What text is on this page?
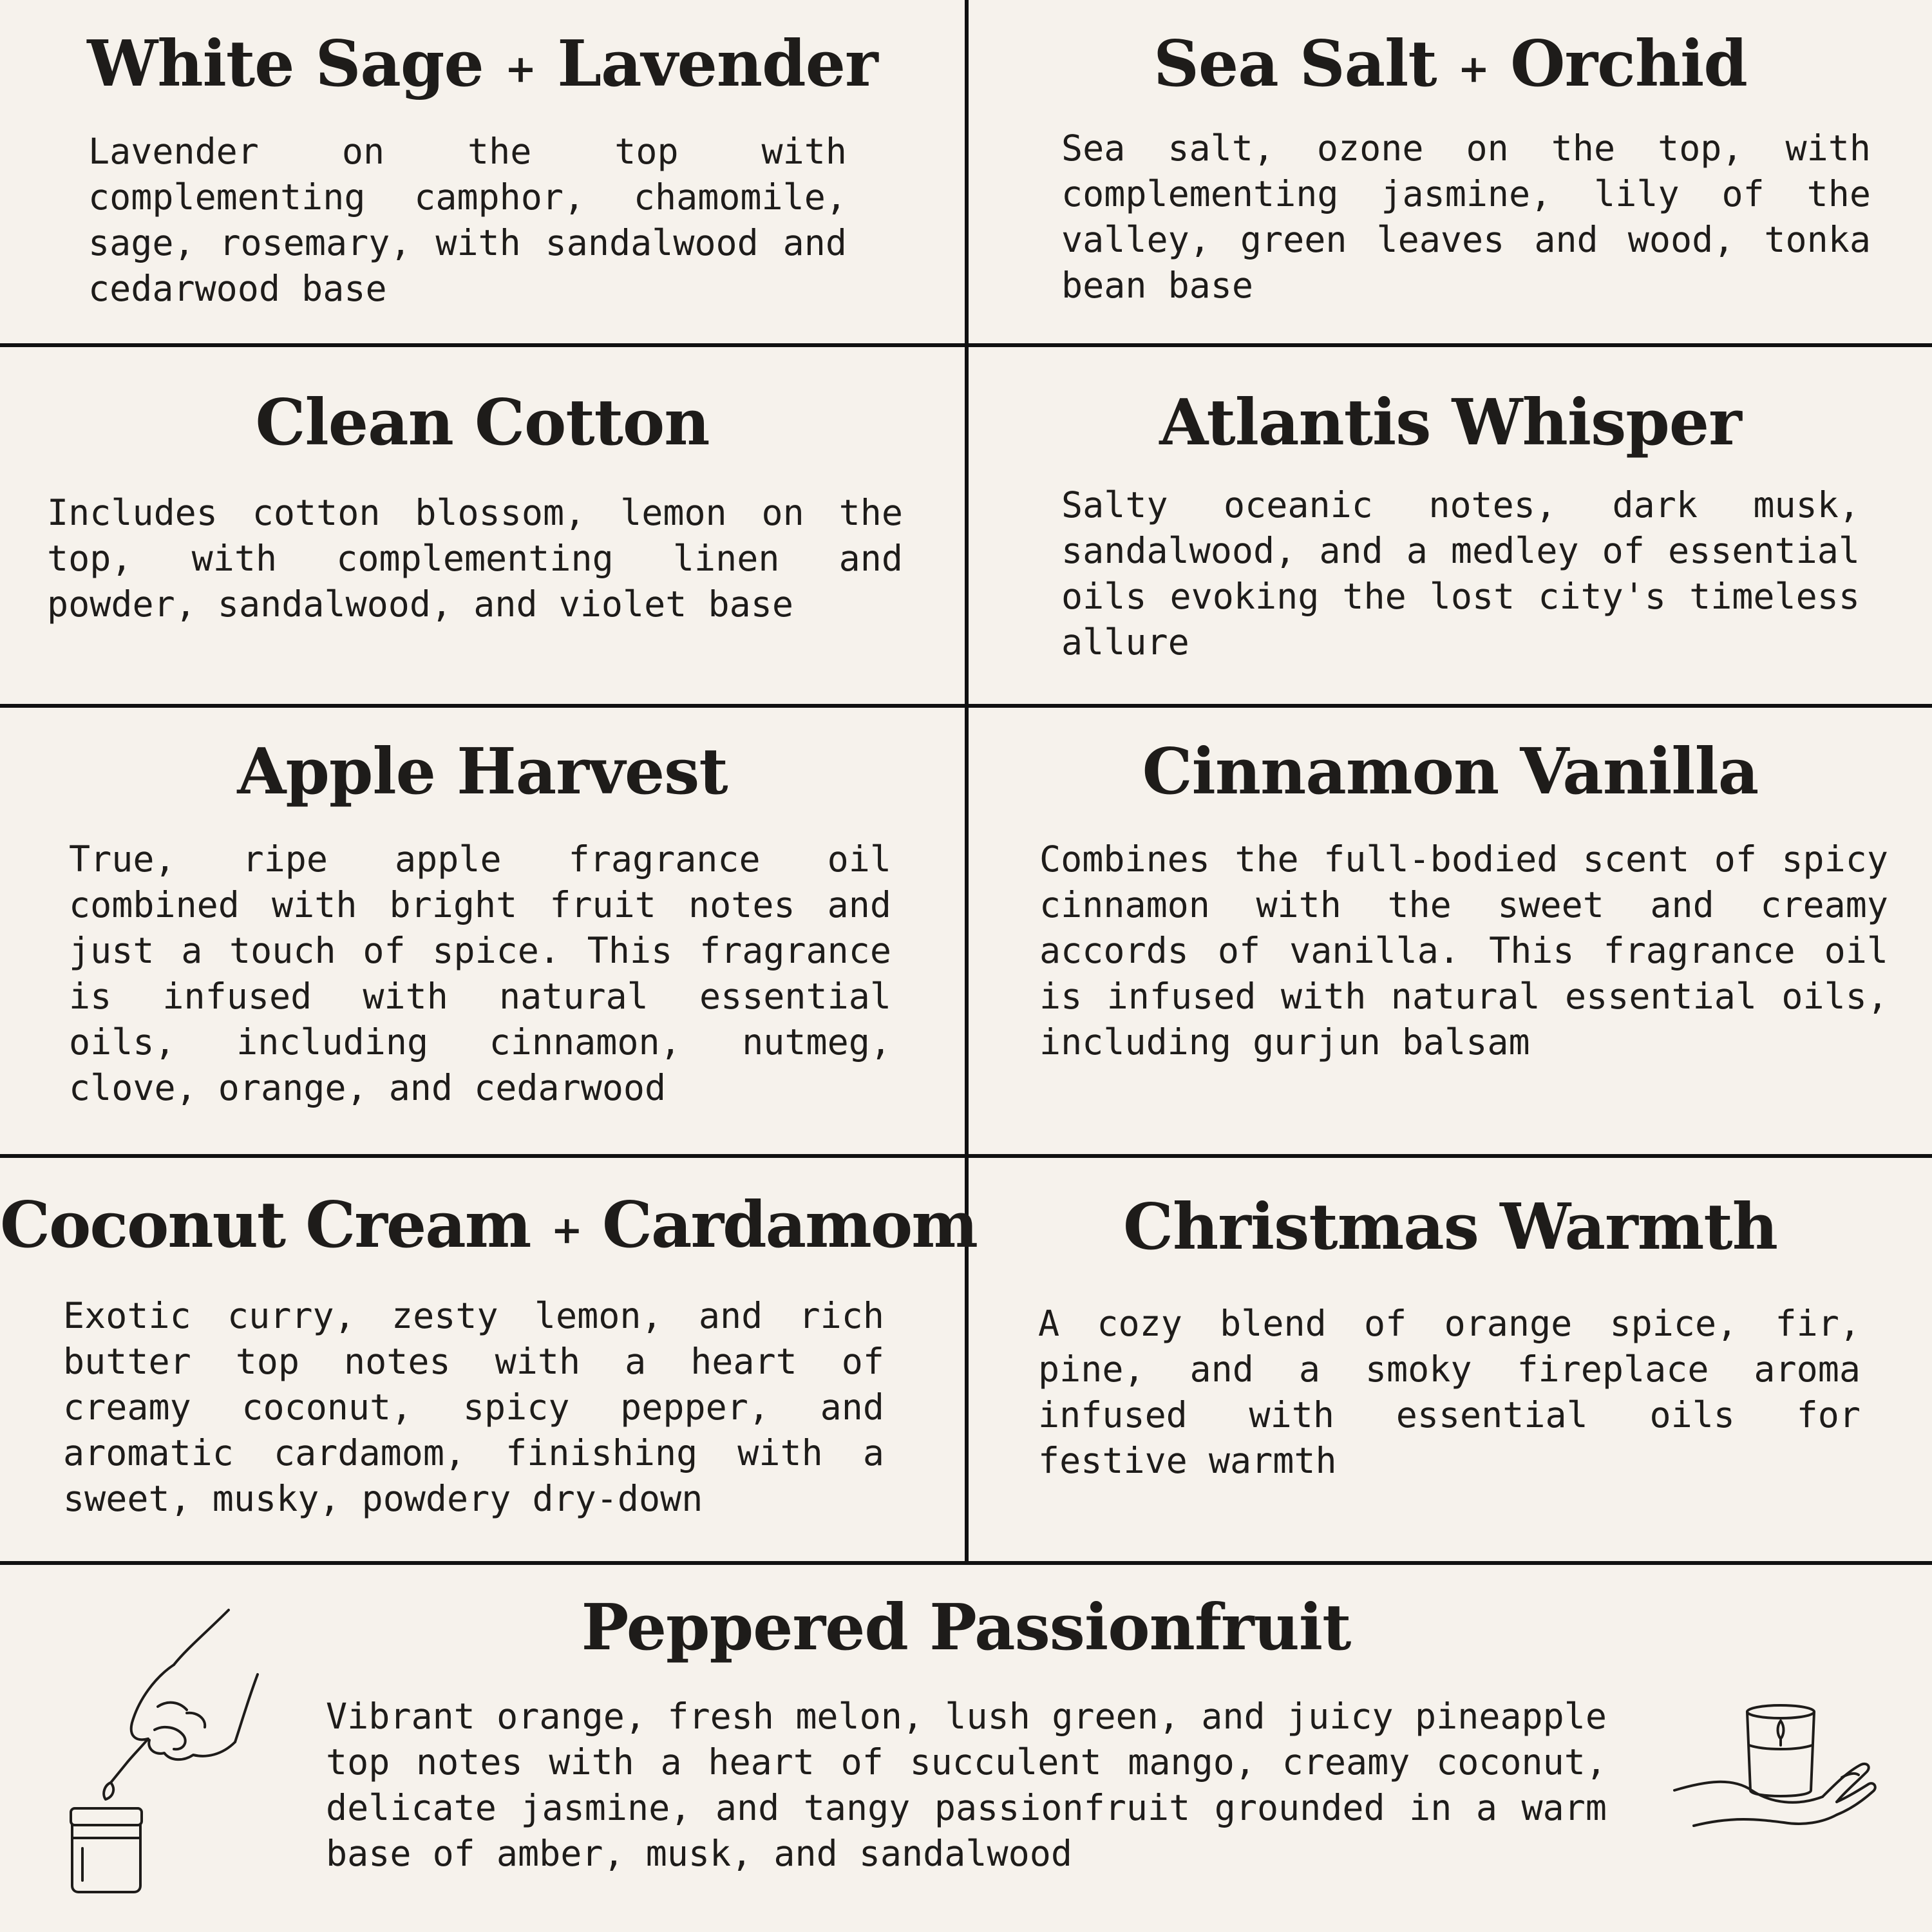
White Sage + Lavender

Lavender on the top with complementing camphor, chamomile, sage, rosemary, with sandalwood and cedarwood base

Sea Salt + Orchid

Sea salt, ozone on the top, with complementing jasmine, lily of the valley, green leaves and wood, tonka bean base

Clean Cotton

Includes cotton blossom, lemon on the top, with complementing linen and powder, sandalwood, and violet base

Atlantis Whisper

Salty oceanic notes, dark musk, sandalwood, and a medley of essential oils evoking the lost city's timeless allure

Apple Harvest

True, ripe apple fragrance oil combined with bright fruit notes and just a touch of spice. This fragrance is infused with natural essential oils, including cinnamon, nutmeg, clove, orange, and cedarwood

Cinnamon Vanilla

Combines the full-bodied scent of spicy cinnamon with the sweet and creamy accords of vanilla. This fragrance oil is infused with natural essential oils, including gurjun balsam

Coconut Cream + Cardamom

Exotic curry, zesty lemon, and rich butter top notes with a heart of creamy coconut, spicy pepper, and aromatic cardamom, finishing with a sweet, musky, powdery dry-down

Christmas Warmth

A cozy blend of orange spice, fir, pine, and a smoky fireplace aroma infused with essential oils for festive warmth

Peppered Passionfruit

Vibrant orange, fresh melon, lush green, and juicy pineapple top notes with a heart of succulent mango, creamy coconut, delicate jasmine, and tangy passionfruit grounded in a warm base of amber, musk, and sandalwood
